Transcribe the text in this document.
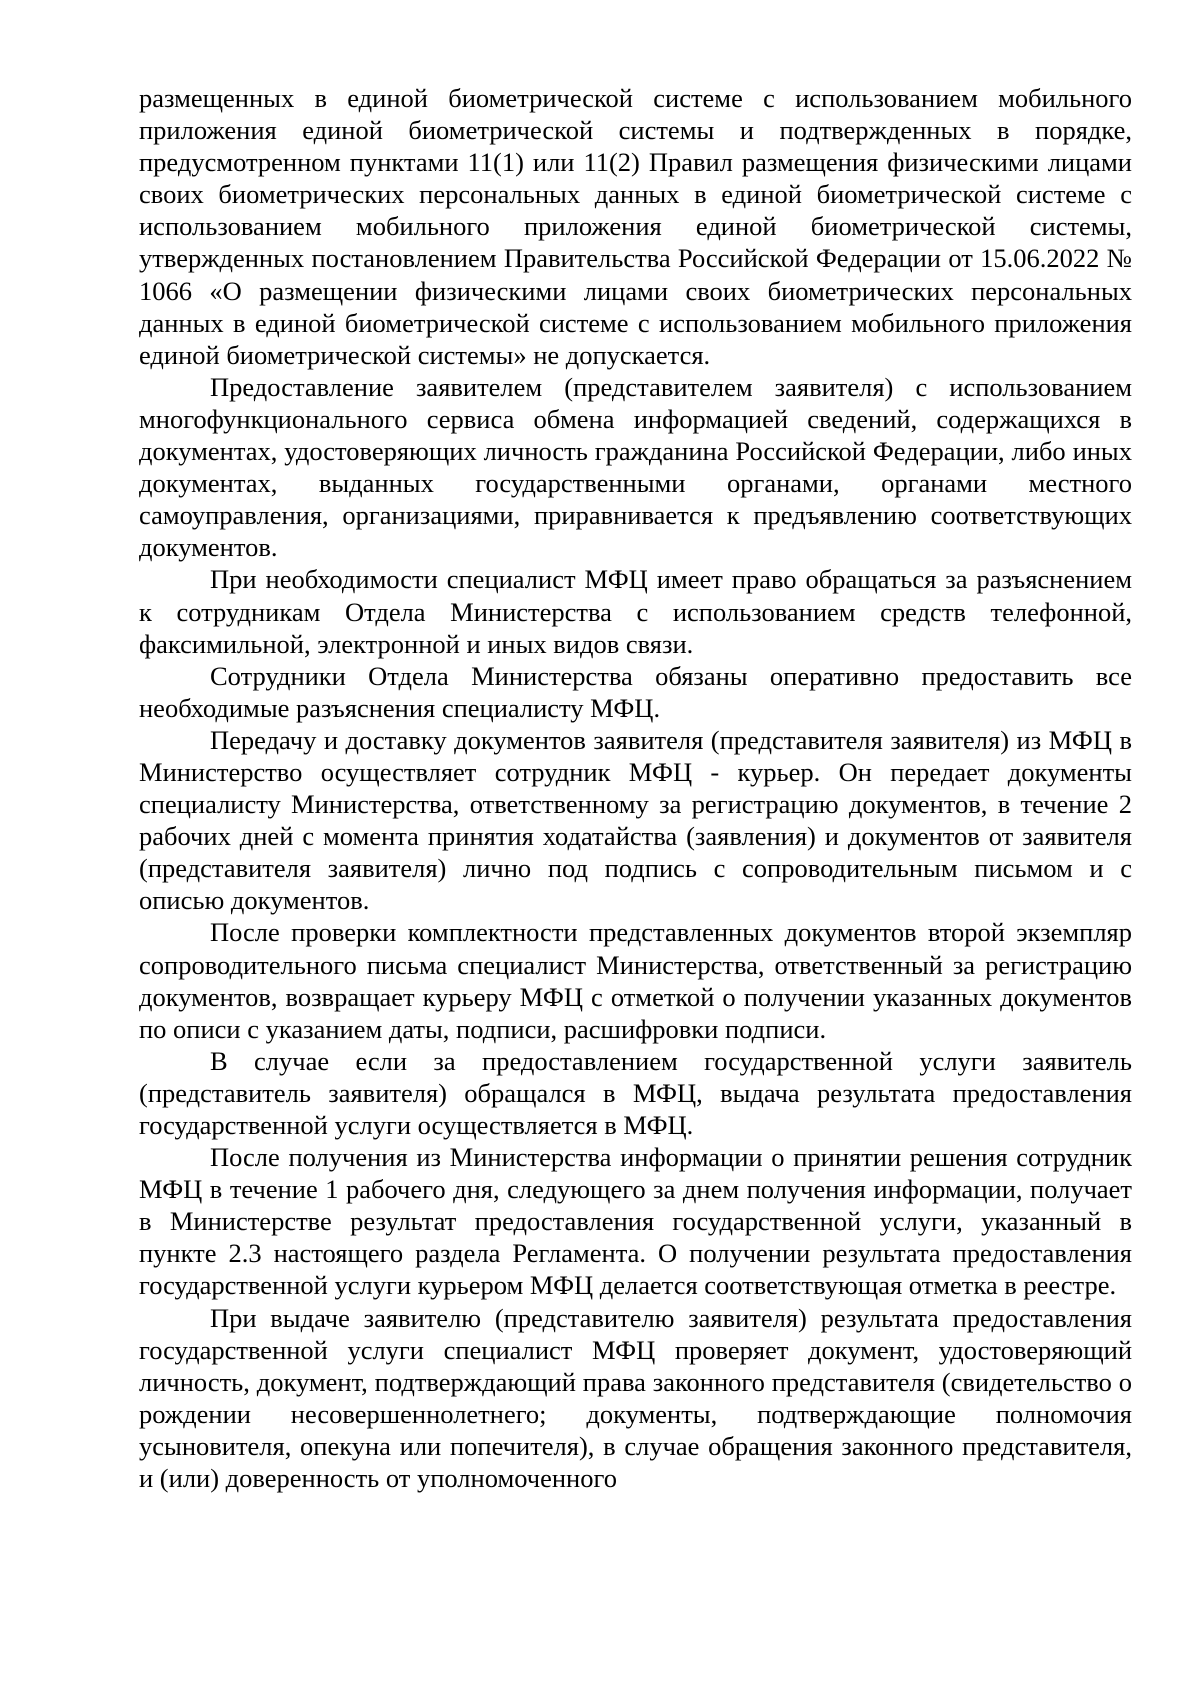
размещенных в единой биометрической системе с использованием мобильного приложения единой биометрической системы и подтвержденных в порядке, предусмотренном пунктами 11(1) или 11(2) Правил размещения физическими лицами своих биометрических персональных данных в единой биометрической системе с использованием мобильного приложения единой биометрической системы, утвержденных постановлением Правительства Российской Федерации от 15.06.2022 № 1066 «О размещении физическими лицами своих биометрических персональных данных в единой биометрической системе с использованием мобильного приложения единой биометрической системы» не допускается.

Предоставление заявителем (представителем заявителя) с использованием многофункционального сервиса обмена информацией сведений, содержащихся в документах, удостоверяющих личность гражданина Российской Федерации, либо иных документах, выданных государственными органами, органами местного самоуправления, организациями, приравнивается к предъявлению соответствующих документов.

При необходимости специалист МФЦ имеет право обращаться за разъяснением к сотрудникам Отдела Министерства с использованием средств телефонной, факсимильной, электронной и иных видов связи.

Сотрудники Отдела Министерства обязаны оперативно предоставить все необходимые разъяснения специалисту МФЦ.

Передачу и доставку документов заявителя (представителя заявителя) из МФЦ в Министерство осуществляет сотрудник МФЦ - курьер. Он передает документы специалисту Министерства, ответственному за регистрацию документов, в течение 2 рабочих дней с момента принятия ходатайства (заявления) и документов от заявителя (представителя заявителя) лично под подпись с сопроводительным письмом и с описью документов.

После проверки комплектности представленных документов второй экземпляр сопроводительного письма специалист Министерства, ответственный за регистрацию документов, возвращает курьеру МФЦ с отметкой о получении указанных документов по описи с указанием даты, подписи, расшифровки подписи.

В случае если за предоставлением государственной услуги заявитель (представитель заявителя) обращался в МФЦ, выдача результата предоставления государственной услуги осуществляется в МФЦ.

После получения из Министерства информации о принятии решения сотрудник МФЦ в течение 1 рабочего дня, следующего за днем получения информации, получает в Министерстве результат предоставления государственной услуги, указанный в пункте 2.3 настоящего раздела Регламента. О получении результата предоставления государственной услуги курьером МФЦ делается соответствующая отметка в реестре.

При выдаче заявителю (представителю заявителя) результата предоставления государственной услуги специалист МФЦ проверяет документ, удостоверяющий личность, документ, подтверждающий права законного представителя (свидетельство о рождении несовершеннолетнего; документы, подтверждающие полномочия усыновителя, опекуна или попечителя), в случае обращения законного представителя, и (или) доверенность от уполномоченного
